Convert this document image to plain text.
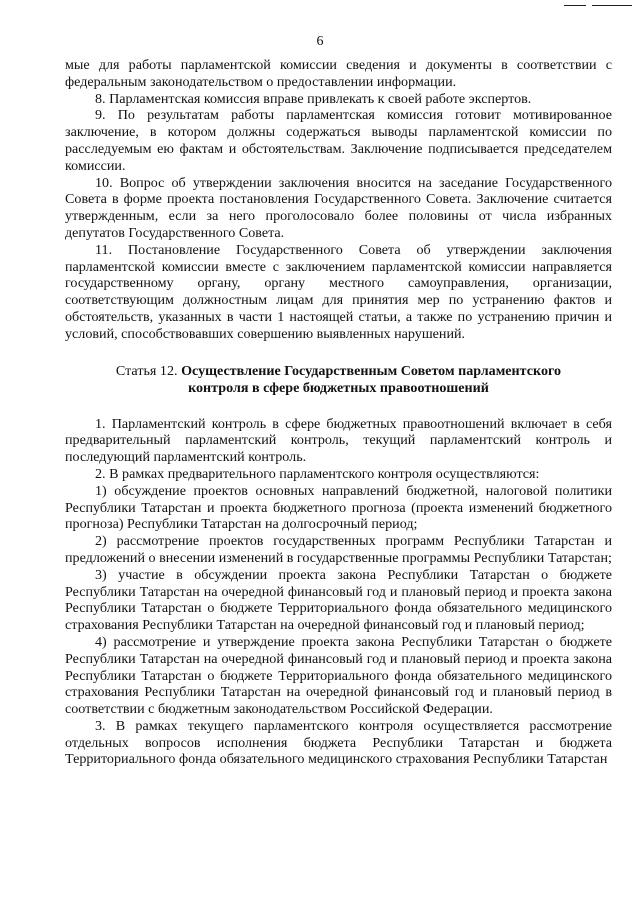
6

мые для работы парламентской комиссии сведения и документы в соответствии с федеральным законодательством о предоставлении информации.

8. Парламентская комиссия вправе привлекать к своей работе экспертов.

9. По результатам работы парламентская комиссия готовит мотивированное заключение, в котором должны содержаться выводы парламентской комиссии по расследуемым ею фактам и обстоятельствам. Заключение подписывается председателем комиссии.

10. Вопрос об утверждении заключения вносится на заседание Государственного Совета в форме проекта постановления Государственного Совета. Заключение считается утвержденным, если за него проголосовало более половины от числа избранных депутатов Государственного Совета.

11. Постановление Государственного Совета об утверждении заключения парламентской комиссии вместе с заключением парламентской комиссии направляется государственному органу, органу местного самоуправления, организации, соответствующим должностным лицам для принятия мер по устранению фактов и обстоятельств, указанных в части 1 настоящей статьи, а также по устранению причин и условий, способствовавших совершению выявленных нарушений.

Статья 12. Осуществление Государственным Советом парламентского
контроля в сфере бюджетных правоотношений

1. Парламентский контроль в сфере бюджетных правоотношений включает в себя предварительный парламентский контроль, текущий парламентский контроль и последующий парламентский контроль.

2. В рамках предварительного парламентского контроля осуществляются:

1) обсуждение проектов основных направлений бюджетной, налоговой политики Республики Татарстан и проекта бюджетного прогноза (проекта изменений бюджетного прогноза) Республики Татарстан на долгосрочный период;

2) рассмотрение проектов государственных программ Республики Татарстан и предложений о внесении изменений в государственные программы Республики Татарстан;

3) участие в обсуждении проекта закона Республики Татарстан о бюджете Республики Татарстан на очередной финансовый год и плановый период и проекта закона Республики Татарстан о бюджете Территориального фонда обязательного медицинского страхования Республики Татарстан на очередной финансовый год и плановый период;

4) рассмотрение и утверждение проекта закона Республики Татарстан о бюджете Республики Татарстан на очередной финансовый год и плановый период и проекта закона Республики Татарстан о бюджете Территориального фонда обязательного медицинского страхования Республики Татарстан на очередной финансовый год и плановый период в соответствии с бюджетным законодательством Российской Федерации.

3. В рамках текущего парламентского контроля осуществляется рассмотрение отдельных вопросов исполнения бюджета Республики Татарстан и бюджета Территориального фонда обязательного медицинского страхования Республики Татарстан
